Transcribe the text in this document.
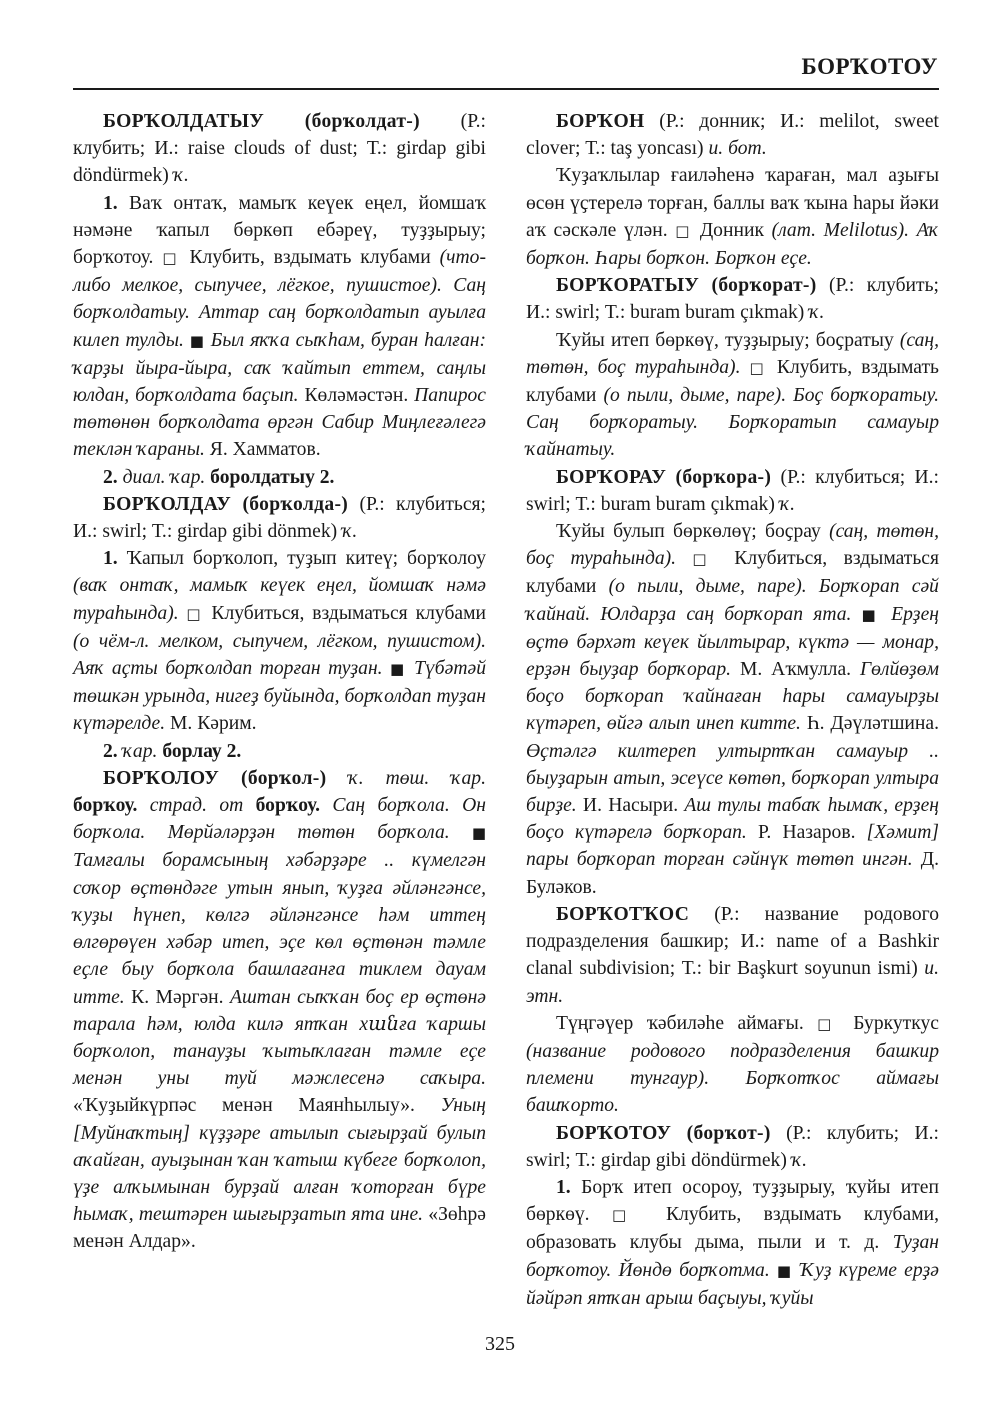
БОРҠОТОУ

БОРҠОЛДАТЫУ (борҡолдат-) (Р.: клубить; И.: raise clouds of dust; Т.: girdap gibi döndürmek) ҡ.

1. Ваҡ онтаҡ, мамыҡ кеүек еңел, йомшаҡ нәмәне ҡапыл бөркөп ебәреү, туҙҙырыу; борҡотоу. □ Клубить, вздымать клубами (что-либо мелкое, сыпучее, лёгкое, пушистое). Саң борҡолдатыу. Аттар саң борҡолдатып ауылға килеп тулды. ■ Был яҡҡа сыҡһам, буран һалған: ҡарҙы йыра-йыра, саҡ ҡайтып еттем, саңлы юлдан, борҡолдата баҫып. Көләмәстән. Папирос төтөнөн борҡолдата өргән Сабир Миңлеғәлегә теклән ҡараны. Я. Хамматов.

2. диал. ҡар. боролдатыу 2.

БОРҠОЛДАУ (борҡолда-) (Р.: клубиться; И.: swirl; Т.: girdap gibi dönmek) ҡ.

1. Ҡапыл борҡолоп, туҙып китеү; борҡолоу (ваҡ онтаҡ, мамыҡ кеүек еңел, йомшаҡ нәмә тураһында). □ Клубиться, вздыматься клубами (о чём-л. мелком, сыпучем, лёгком, пушистом). Аяҡ аҫты борҡолдап торған туҙан. ■ Түбәтәй төшкән урында, нигеҙ буйында, борҡолдап туҙан күтәрелде. М. Кәрим.

2. ҡар. борлау 2.

БОРҠОЛОУ (борҡол-) ҡ. төш. ҡар. борҡоу. страд. от борҡоу. Саң борҡола. Он борҡола. Мөрйәләрҙән төтөн борҡола. ■ Тамғалы борамсының хәбәрҙәре .. күмелгән соҡор өҫтөндәге утын янып, ҡуҙға әйләнгәнсе, ҡуҙы һүнеп, көлгә әйләнгәнсе һәм иттең өлгөрөүен хәбәр итеп, эҫе көл өҫтөнән тәмле еҫле быу борҡола башлағанға тиклем дауам итте. К. Мәргән. Аштан сыҡҡан боҫ ер өҫтөнә тарала һәм, юлда килә ятҡан хանға ҡаршы борҡолоп, танауҙы ҡытыҡлаған тәмле еҫе менән уны туй мәжлесенә саҡыра. «Ҡуҙыйкүрпәс менән Маянһылыу». Уның [Муйнаҡтың] күҙҙәре атылып сығырҙай булып аҡайған, ауыҙынан ҡан ҡатыш күбеге борҡолоп, үҙе алҡымынан бурҙай алған ҡоторған бүре һымаҡ, тештәрен шығырҙатып ята ине. «Зөһрә менән Алдар».

БОРҠОН (Р.: донник; И.: melilot, sweet clover; Т.: taş yoncası) и. бот.

Ҡуҙаҡлылар ғаиләһенә ҡараған, мал аҙығы өсөн үҫтерелә торған, баллы ваҡ ҡына һары йәки аҡ сәскәле үлән. □ Донник (лат. Melilotus). Аҡ борҡон. Һары борҡон. Борҡон еҫе.

БОРҠОРАТЫУ (борҡорат-) (Р.: клубить; И.: swirl; Т.: buram buram çıkmak) ҡ.

Ҡуйы итеп бөркөү, туҙҙырыу; боҫратыу (саң, төтөн, боҫ тураһында). □ Клубить, вздымать клубами (о пыли, дыме, паре). Боҫ борҡоратыу. Саң борҡоратыу. Борҡоратып самауыр ҡайнатыу.

БОРҠОРАУ (борҡора-) (Р.: клубиться; И.: swirl; Т.: buram buram çıkmak) ҡ.

Ҡуйы булып бөркөлөү; боҫрау (саң, төтөн, боҫ тураһында). □ Клубиться, вздыматься клубами (о пыли, дыме, паре). Борҡорап сәй ҡайнай. Юлдарҙа саң борҡорап ята. ■ Ерҙең өҫтө бәрхәт кеүек йылтырар, күктә — монар, ерҙән быуҙар борҡорар. М. Аҡмулла. Гөлйөҙөм боҫо борҡорап ҡайнаған һары самауырҙы күтәреп, өйгә алып инеп китте. Һ. Дәүләтшина. Өҫтәлгә килтереп ултыртҡан самауыр .. быуҙарын атып, эсеүсе көтөп, борҡорап ултыра бирҙе. И. Насыри. Аш тулы табаҡ һымаҡ, ерҙең боҫо күтәрелә борҡорап. Р. Назаров. [Хәмит] пары борҡорап торған сәйнүк төтөп ингән. Д. Буләков.

БОРҠОТҠОС (Р.: название родового подразделения башкир; И.: name of a Bashkir clanal subdivision; Т.: bir Başkurt soyunun ismi) и. этн.

Түңгәүер ҡәбиләһе аймағы. □ Буркуткус (название родового подразделения башкир племени тунгаур). Борҡотҡос аймағы башҡорто.

БОРҠОТОУ (борҡот-) (Р.: клубить; И.: swirl; Т.: girdap gibi döndürmek) ҡ.

1. Борҡ итеп осороу, туҙҙырыу, ҡуйы итеп бөркөү. □ Клубить, вздымать клубами, образовать клубы дыма, пыли и т. д. Туҙан борҡотоу. Йөндө борҡотма. ■ Ҡуҙ күреме ерҙә йәйрәп ятҡан арыш баҫыуы, ҡуйы

325
